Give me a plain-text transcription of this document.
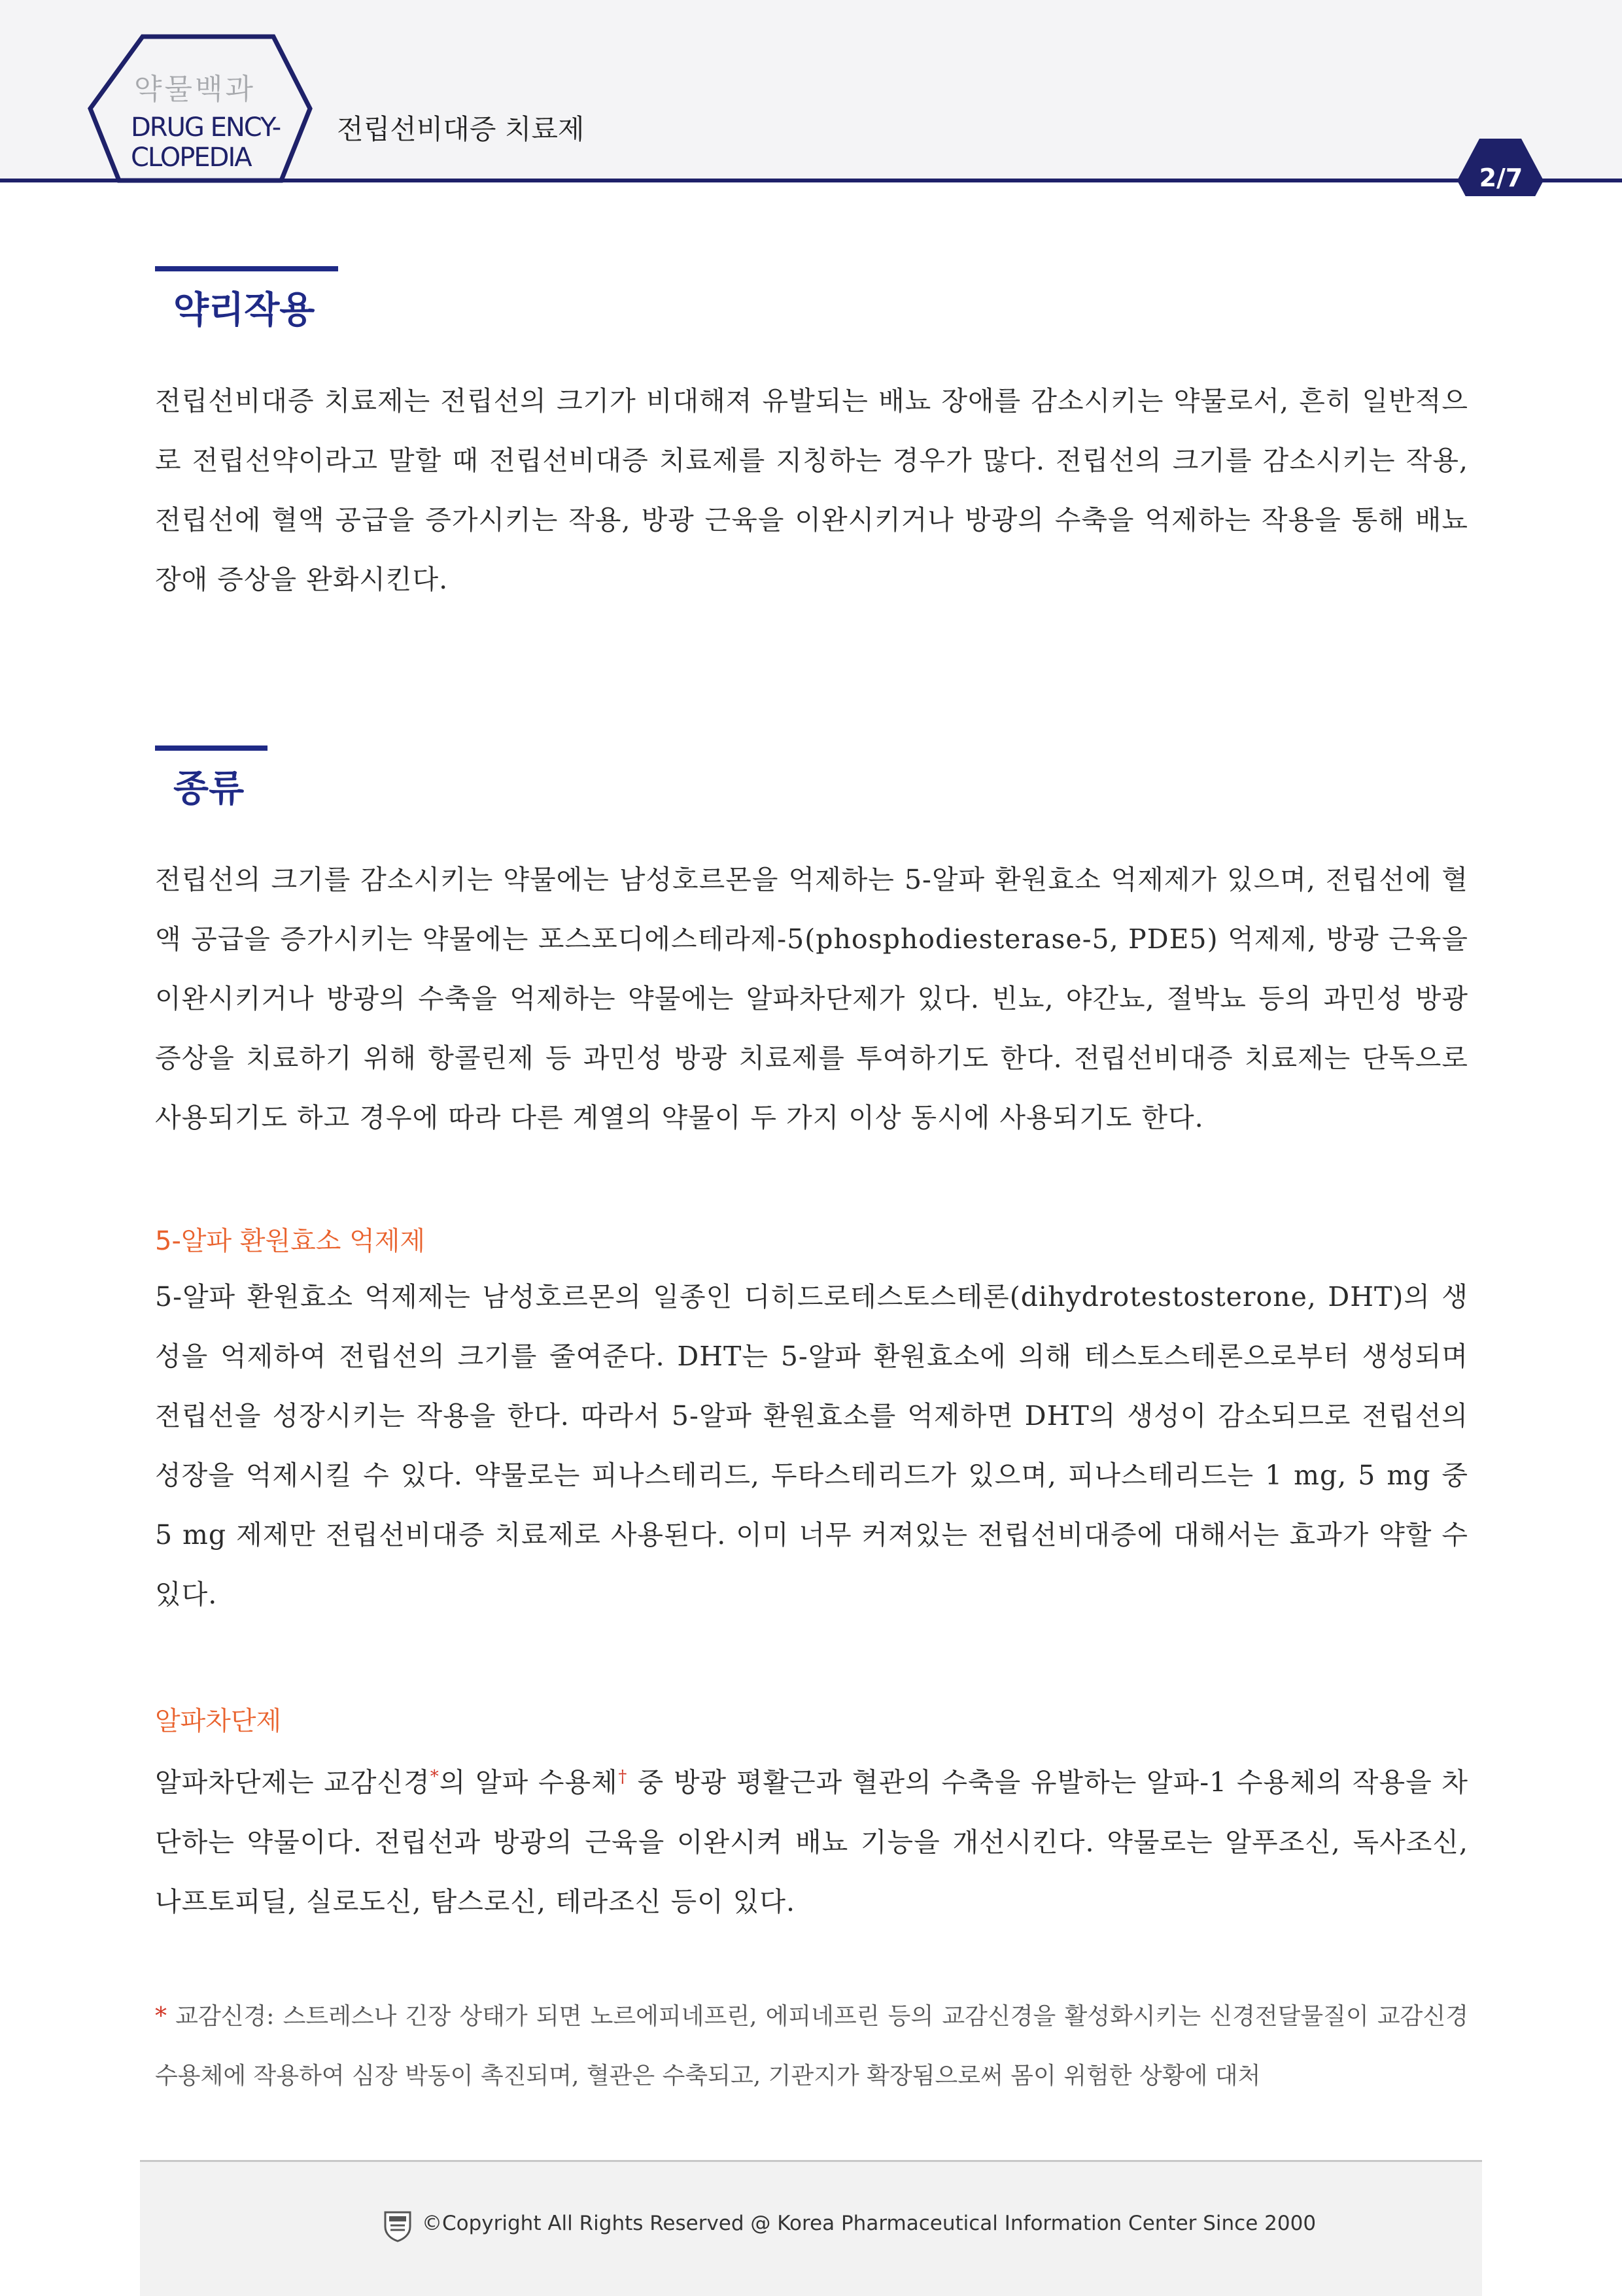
약물백과
DRUG ENCY-
CLOPEDIA
전립선비대증 치료제
2/7
약리작용
전립선비대증 치료제는 전립선의 크기가 비대해져 유발되는 배뇨 장애를 감소시키는 약물로서, 흔히 일반적으로 전립선약이라고 말할 때 전립선비대증 치료제를 지칭하는 경우가 많다. 전립선의 크기를 감소시키는 작용, 전립선에 혈액 공급을 증가시키는 작용, 방광 근육을 이완시키거나 방광의 수축을 억제하는 작용을 통해 배뇨 장애 증상을 완화시킨다.
종류
전립선의 크기를 감소시키는 약물에는 남성호르몬을 억제하는 5-알파 환원효소 억제제가 있으며, 전립선에 혈액 공급을 증가시키는 약물에는 포스포디에스테라제-5(phosphodiesterase-5, PDE5) 억제제, 방광 근육을 이완시키거나 방광의 수축을 억제하는 약물에는 알파차단제가 있다. 빈뇨, 야간뇨, 절박뇨 등의 과민성 방광 증상을 치료하기 위해 항콜린제 등 과민성 방광 치료제를 투여하기도 한다. 전립선비대증 치료제는 단독으로 사용되기도 하고 경우에 따라 다른 계열의 약물이 두 가지 이상 동시에 사용되기도 한다.
5-알파 환원효소 억제제
5-알파 환원효소 억제제는 남성호르몬의 일종인 디히드로테스토스테론(dihydrotestosterone, DHT)의 생성을 억제하여 전립선의 크기를 줄여준다. DHT는 5-알파 환원효소에 의해 테스토스테론으로부터 생성되며 전립선을 성장시키는 작용을 한다. 따라서 5-알파 환원효소를 억제하면 DHT의 생성이 감소되므로 전립선의 성장을 억제시킬 수 있다. 약물로는 피나스테리드, 두타스테리드가 있으며, 피나스테리드는 1 mg, 5 mg 중 5 mg 제제만 전립선비대증 치료제로 사용된다. 이미 너무 커져있는 전립선비대증에 대해서는 효과가 약할 수 있다.
알파차단제
알파차단제는 교감신경*의 알파 수용체† 중 방광 평활근과 혈관의 수축을 유발하는 알파-1 수용체의 작용을 차단하는 약물이다. 전립선과 방광의 근육을 이완시켜 배뇨 기능을 개선시킨다. 약물로는 알푸조신, 독사조신, 나프토피딜, 실로도신, 탐스로신, 테라조신 등이 있다.
* 교감신경: 스트레스나 긴장 상태가 되면 노르에피네프린, 에피네프린 등의 교감신경을 활성화시키는 신경전달물질이 교감신경 수용체에 작용하여 심장 박동이 촉진되며, 혈관은 수축되고, 기관지가 확장됨으로써 몸이 위험한 상황에 대처
©Copyright All Rights Reserved @ Korea Pharmaceutical Information Center Since 2000
